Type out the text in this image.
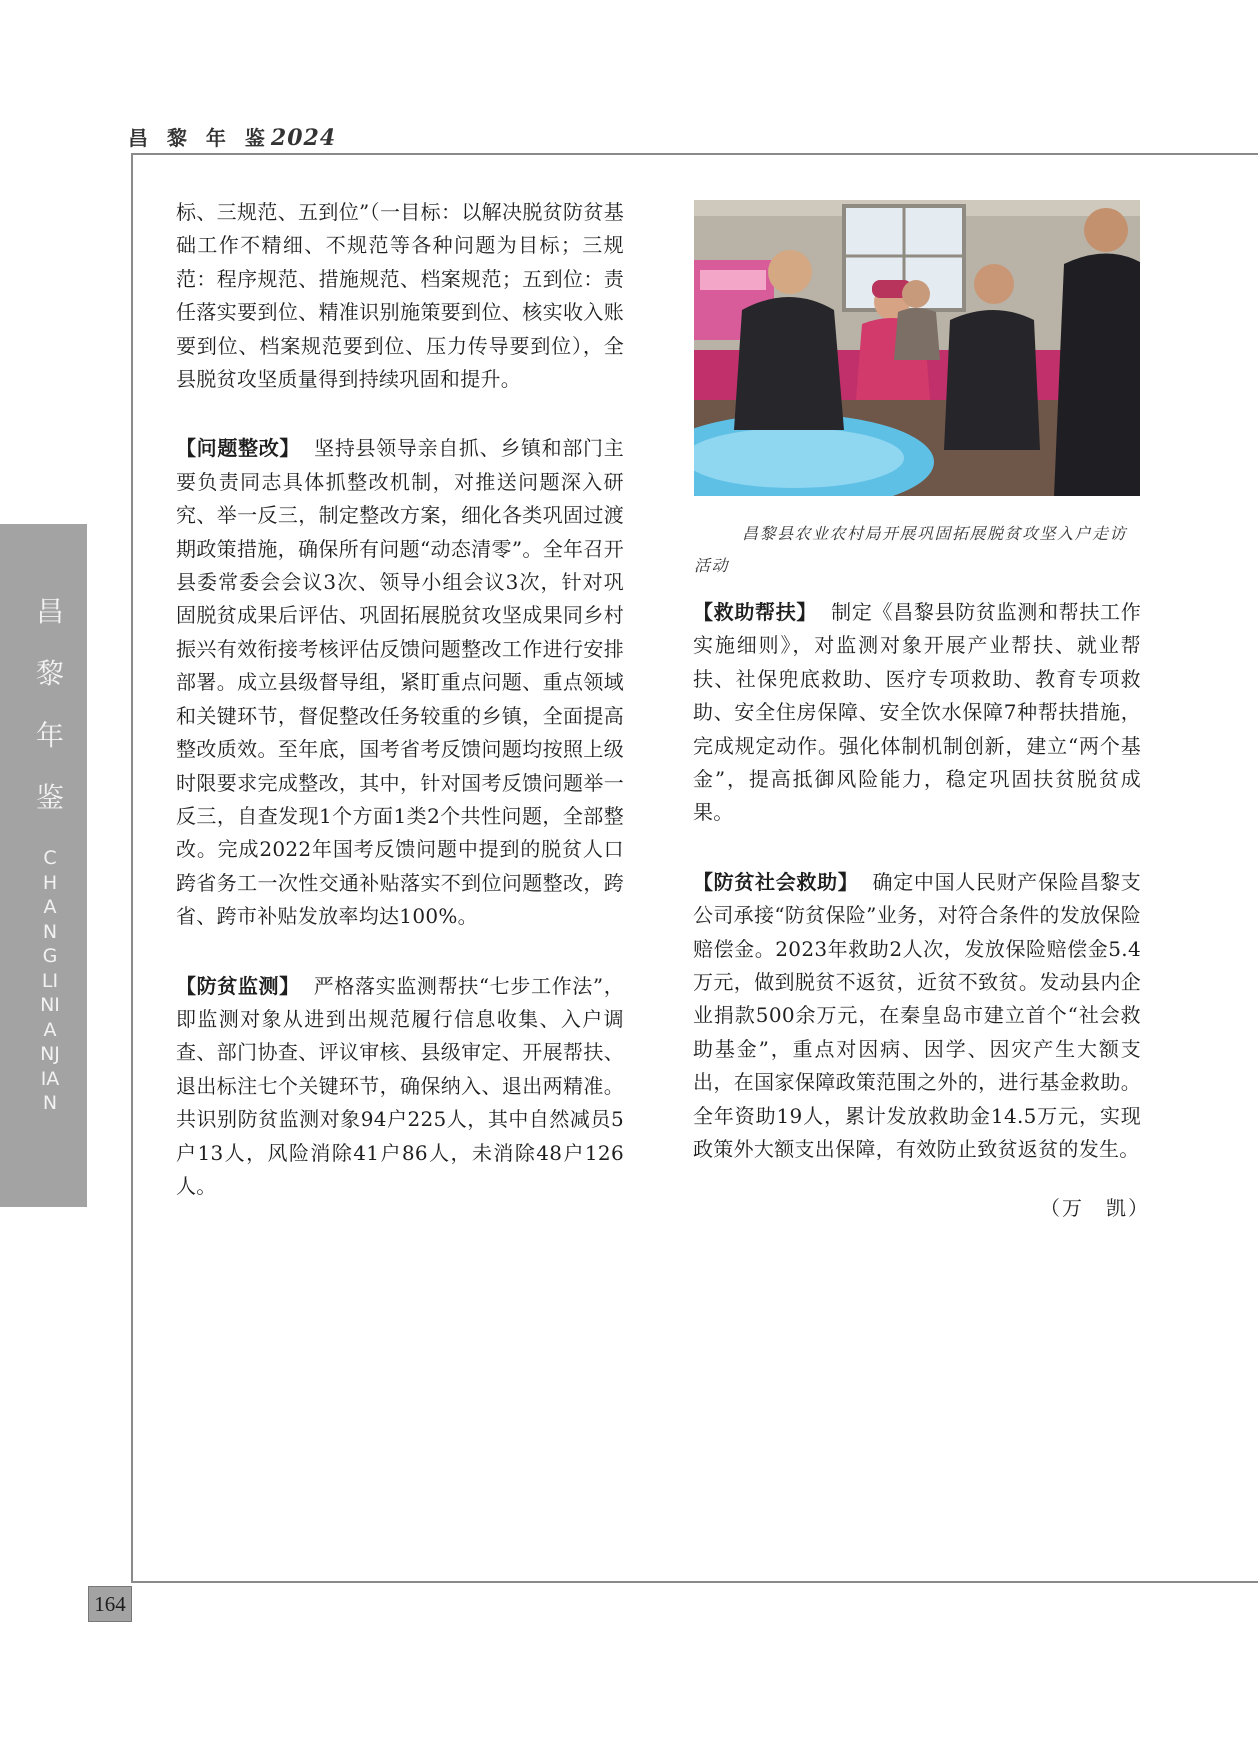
昌 黎 年 鉴2024
昌
黎
年
鉴
CHANGLINIANJIAN

标、三规范、五到位”（一目标：以解决脱贫防贫基础工作不精细、不规范等各种问题为目标；三规范：程序规范、措施规范、档案规范；五到位：责任落实要到位、精准识别施策要到位、核实收入账要到位、档案规范要到位、压力传导要到位），全县脱贫攻坚质量得到持续巩固和提升。

【问题整改】 坚持县领导亲自抓、乡镇和部门主要负责同志具体抓整改机制，对推送问题深入研究、举一反三，制定整改方案，细化各类巩固过渡期政策措施，确保所有问题“动态清零”。全年召开县委常委会会议3次、领导小组会议3次，针对巩固脱贫成果后评估、巩固拓展脱贫攻坚成果同乡村振兴有效衔接考核评估反馈问题整改工作进行安排部署。成立县级督导组，紧盯重点问题、重点领域和关键环节，督促整改任务较重的乡镇，全面提高整改质效。至年底，国考省考反馈问题均按照上级时限要求完成整改，其中，针对国考反馈问题举一反三，自查发现1个方面1类2个共性问题，全部整改。完成2022年国考反馈问题中提到的脱贫人口跨省务工一次性交通补贴落实不到位问题整改，跨省、跨市补贴发放率均达100%。

【防贫监测】 严格落实监测帮扶“七步工作法”，即监测对象从进到出规范履行信息收集、入户调查、部门协查、评议审核、县级审定、开展帮扶、退出标注七个关键环节，确保纳入、退出两精准。共识别防贫监测对象94户225人，其中自然减员5户13人，风险消除41户86人，未消除48户126人。

昌黎县农业农村局开展巩固拓展脱贫攻坚入户走访活动

【救助帮扶】 制定《昌黎县防贫监测和帮扶工作实施细则》，对监测对象开展产业帮扶、就业帮扶、社保兜底救助、医疗专项救助、教育专项救助、安全住房保障、安全饮水保障7种帮扶措施，完成规定动作。强化体制机制创新，建立“两个基金”，提高抵御风险能力，稳定巩固扶贫脱贫成果。

【防贫社会救助】 确定中国人民财产保险昌黎支公司承接“防贫保险”业务，对符合条件的发放保险赔偿金。2023年救助2人次，发放保险赔偿金5.4万元，做到脱贫不返贫，近贫不致贫。发动县内企业捐款500余万元，在秦皇岛市建立首个“社会救助基金”，重点对因病、因学、因灾产生大额支出，在国家保障政策范围之外的，进行基金救助。全年资助19人，累计发放救助金14.5万元，实现政策外大额支出保障，有效防止致贫返贫的发生。

（万　凯）
164
